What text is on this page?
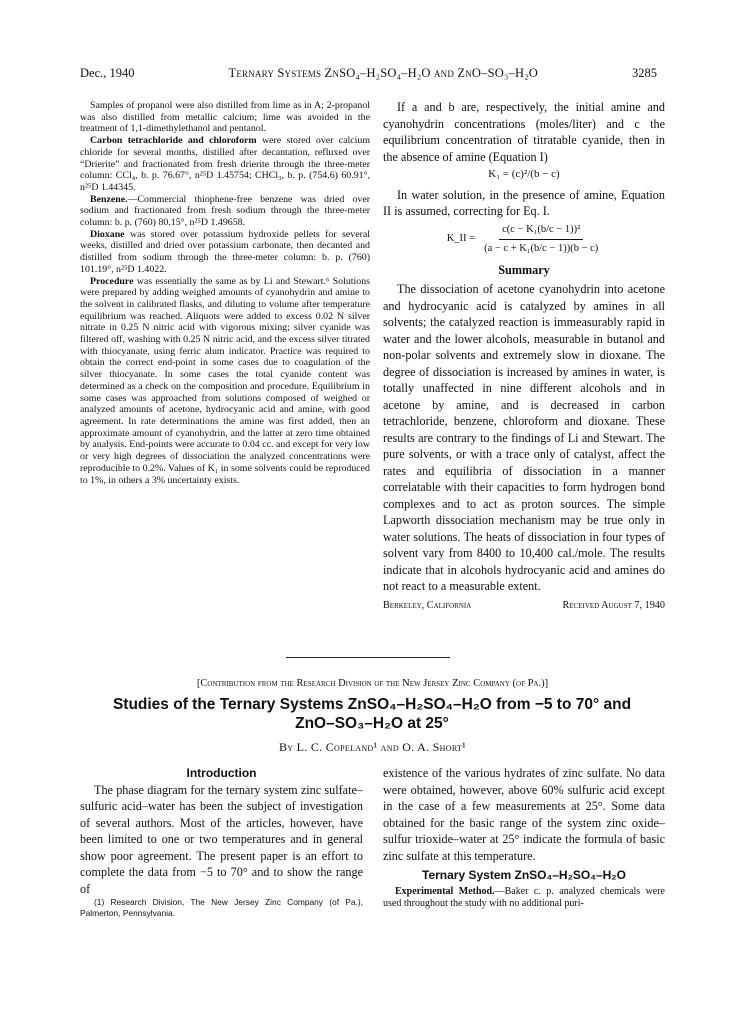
Dec., 1940	Ternary Systems ZnSO₄–H₂SO₄–H₂O and ZnO–SO₃–H₂O	3285

Samples of propanol were also distilled from lime as in A; 2-propanol was also distilled from metallic calcium; lime was avoided in the treatment of 1,1-dimethylethanol and pentanol.

Carbon tetrachloride and chloroform were stored over calcium chloride for several months, distilled after decantation, refluxed over “Drierite” and fractionated from fresh drierite through the three-meter column: CCl₄, b. p. 76.67°, n²⁵D 1.45754; CHCl₃, b. p. (754.6) 60.91°, n²⁵D 1.44345.

Benzene.—Commercial thiophene-free benzene was dried over sodium and fractionated from fresh sodium through the three-meter column: b. p. (760) 80.15°, n²⁵D 1.49658.

Dioxane was stored over potassium hydroxide pellets for several weeks, distilled and dried over potassium carbonate, then decanted and distilled from sodium through the three-meter column: b. p. (760) 101.19°, n²⁵D 1.4022.

Procedure was essentially the same as by Li and Stewart.⁶ Solutions were prepared by adding weighed amounts of cyanohydrin and amine to the solvent in calibrated flasks, and diluting to volume after temperature equilibrium was reached. Aliquots were added to excess 0.02 N silver nitrate in 0.25 N nitric acid with vigorous mixing; silver cyanide was filtered off, washing with 0.25 N nitric acid, and the excess silver titrated with thiocyanate, using ferric alum indicator. Practice was required to obtain the correct end-point in some cases due to coagulation of the silver thiocyanate. In some cases the total cyanide content was determined as a check on the composition and procedure. Equilibrium in some cases was approached from solutions composed of weighed or analyzed amounts of acetone, hydrocyanic acid and amine, with good agreement. In rate determinations the amine was first added, then an approximate amount of cyanohydrin, and the latter at zero time obtained by analysis. End-points were accurate to 0.04 cc. and except for very low or very high degrees of dissociation the analyzed concentrations were reproducible to 0.2%. Values of K₁ in some solvents could be reproduced to 1%, in others a 3% uncertainty exists.

If a and b are, respectively, the initial amine and cyanohydrin concentrations (moles/liter) and c the equilibrium concentration of titratable cyanide, then in the absence of amine (Equation I)

K₁ = (c)²/(b − c)

In water solution, in the presence of amine, Equation II is assumed, correcting for Eq. I.

K_II = $\frac{\text{c(c − K₁(b/c − 1))²}}{\text{(a − c + K₁(b/c − 1))(b − c)}}$
Summary

The dissociation of acetone cyanohydrin into acetone and hydrocyanic acid is catalyzed by amines in all solvents; the catalyzed reaction is immeasurably rapid in water and the lower alcohols, measurable in butanol and non-polar solvents and extremely slow in dioxane. The degree of dissociation is increased by amines in water, is totally unaffected in nine different alcohols and in acetone by amine, and is decreased in carbon tetrachloride, benzene, chloroform and dioxane. These results are contrary to the findings of Li and Stewart. The pure solvents, or with a trace only of catalyst, affect the rates and equilibria of dissociation in a manner correlatable with their capacities to form hydrogen bond complexes and to act as proton sources. The simple Lapworth dissociation mechanism may be true only in water solutions. The heats of dissociation in four types of solvent vary from 8400 to 10,400 cal./mole. The results indicate that in alcohols hydrocyanic acid and amines do not react to a measurable extent.

Berkeley, California	Received August 7, 1940
[Contribution from the Research Division of the New Jersey Zinc Company (of Pa.)]
Studies of the Ternary Systems ZnSO₄–H₂SO₄–H₂O from −5 to 70° and ZnO–SO₃–H₂O at 25°
By L. C. Copeland¹ and O. A. Short¹

Introduction

The phase diagram for the ternary system zinc sulfate–sulfuric acid–water has been the subject of investigation of several authors. Most of the articles, however, have been limited to one or two temperatures and in general show poor agreement. The present paper is an effort to complete the data from −5 to 70° and to show the range of

(1) Research Division, The New Jersey Zinc Company (of Pa.), Palmerton, Pennsylvania.

existence of the various hydrates of zinc sulfate. No data were obtained, however, above 60% sulfuric acid except in the case of a few measurements at 25°. Some data obtained for the basic range of the system zinc oxide–sulfur trioxide–water at 25° indicate the formula of basic zinc sulfate at this temperature.

Ternary System ZnSO₄–H₂SO₄–H₂O

Experimental Method.—Baker c. p. analyzed chemicals were used throughout the study with no additional puri-
